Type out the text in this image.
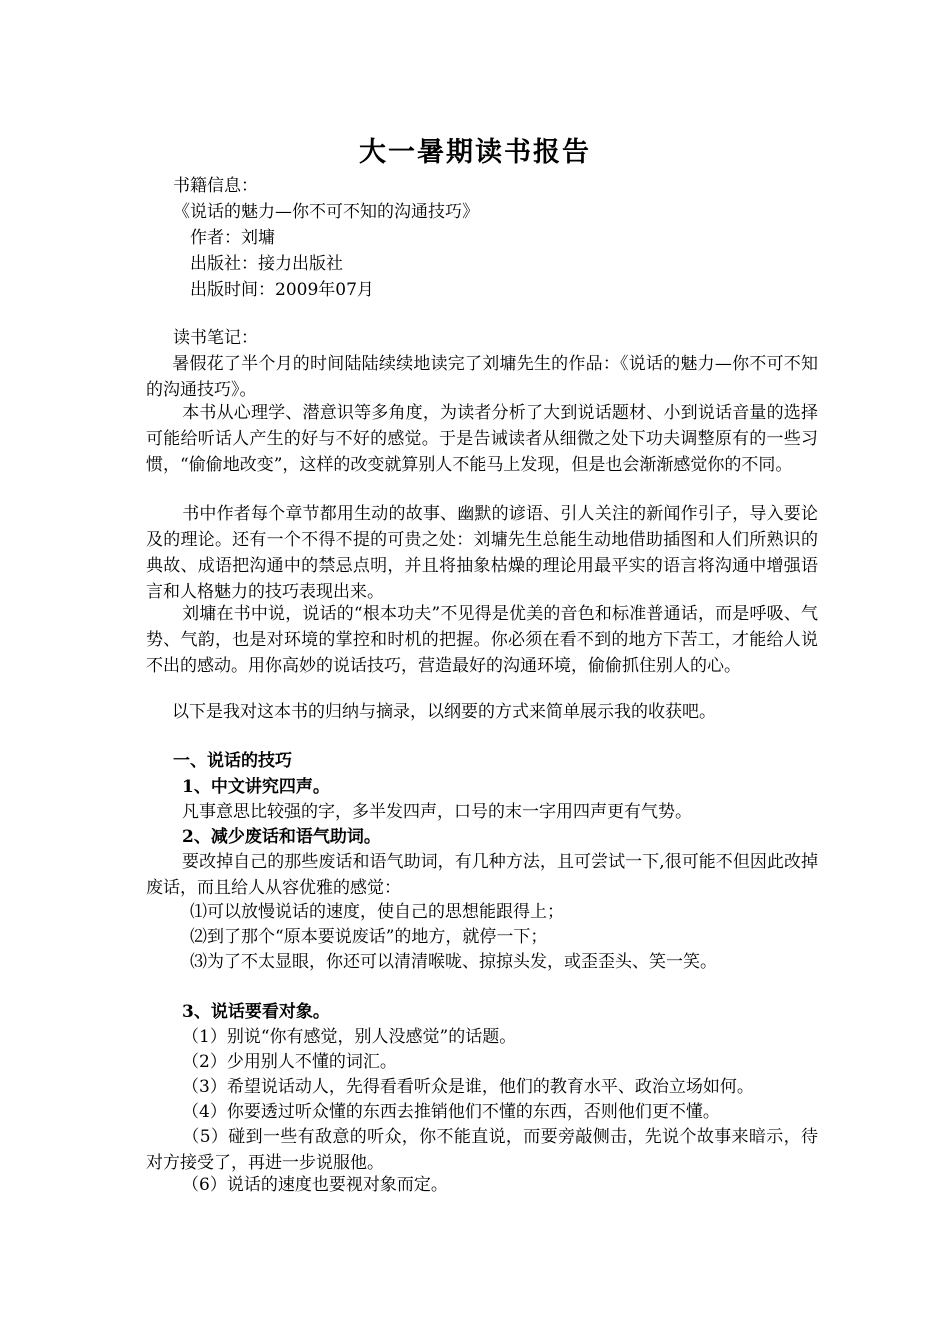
大一暑期读书报告
书籍信息：
《说话的魅力—你不可不知的沟通技巧》
作者：刘墉
出版社：接力出版社
出版时间：2009年07月
读书笔记：
暑假花了半个月的时间陆陆续续地读完了刘墉先生的作品：《说话的魅力—你不可不知的沟通技巧》。
本书从心理学、潜意识等多角度，为读者分析了大到说话题材、小到说话音量的选择可能给听话人产生的好与不好的感觉。于是告诫读者从细微之处下功夫调整原有的一些习惯，“偷偷地改变”，这样的改变就算别人不能马上发现，但是也会渐渐感觉你的不同。
书中作者每个章节都用生动的故事、幽默的谚语、引人关注的新闻作引子，导入要论及的理论。还有一个不得不提的可贵之处：刘墉先生总能生动地借助插图和人们所熟识的典故、成语把沟通中的禁忌点明，并且将抽象枯燥的理论用最平实的语言将沟通中增强语言和人格魅力的技巧表现出来。
刘墉在书中说，说话的“根本功夫”不见得是优美的音色和标准普通话，而是呼吸、气势、气韵，也是对环境的掌控和时机的把握。你必须在看不到的地方下苦工，才能给人说不出的感动。用你高妙的说话技巧，营造最好的沟通环境，偷偷抓住别人的心。
以下是我对这本书的归纳与摘录，以纲要的方式来简单展示我的收获吧。
一、说话的技巧
1、中文讲究四声。
凡事意思比较强的字，多半发四声，口号的末一字用四声更有气势。
2、减少废话和语气助词。
要改掉自己的那些废话和语气助词，有几种方法，且可尝试一下,很可能不但因此改掉废话，而且给人从容优雅的感觉：
⑴可以放慢说话的速度，使自己的思想能跟得上；
⑵到了那个“原本要说废话”的地方，就停一下；
⑶为了不太显眼，你还可以清清喉咙、掠掠头发，或歪歪头、笑一笑。
3、说话要看对象。
（1）别说“你有感觉，别人没感觉”的话题。
（2）少用别人不懂的词汇。
（3）希望说话动人，先得看看听众是谁，他们的教育水平、政治立场如何。
（4）你要透过听众懂的东西去推销他们不懂的东西，否则他们更不懂。
（5）碰到一些有敌意的听众，你不能直说，而要旁敲侧击，先说个故事来暗示，待对方接受了，再进一步说服他。
（6）说话的速度也要视对象而定。
